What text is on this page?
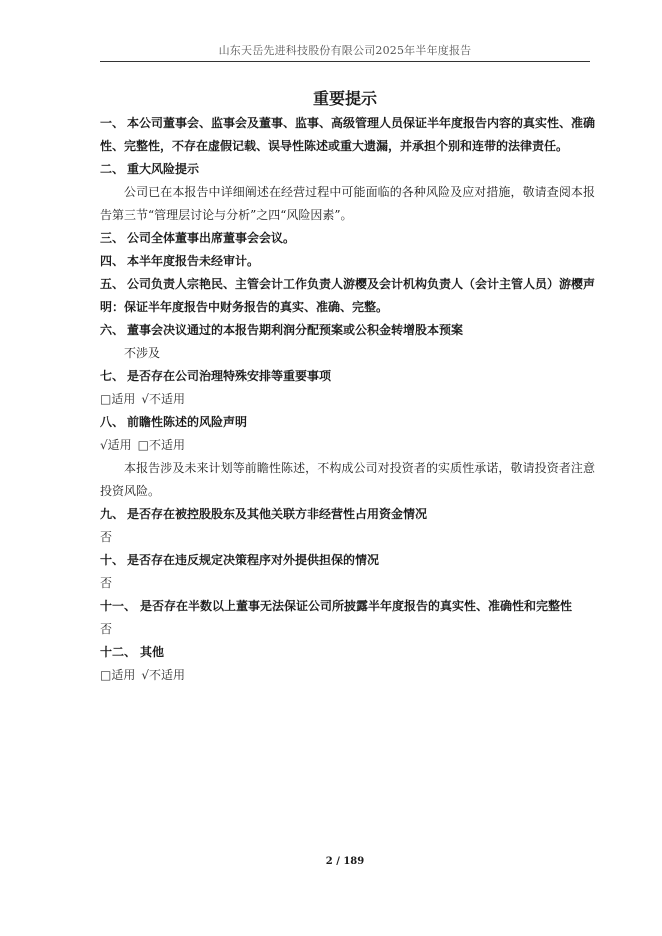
山东天岳先进科技股份有限公司2025年半年度报告
重要提示
一、 本公司董事会、监事会及董事、监事、高级管理人员保证半年度报告内容的真实性、准确性、完整性，不存在虚假记载、误导性陈述或重大遗漏，并承担个别和连带的法律责任。
二、 重大风险提示
公司已在本报告中详细阐述在经营过程中可能面临的各种风险及应对措施，敬请查阅本报告第三节“管理层讨论与分析”之四“风险因素”。
三、 公司全体董事出席董事会会议。
四、 本半年度报告未经审计。
五、 公司负责人宗艳民、主管会计工作负责人游樱及会计机构负责人（会计主管人员）游樱声明：保证半年度报告中财务报告的真实、准确、完整。
六、 董事会决议通过的本报告期利润分配预案或公积金转增股本预案
不涉及
七、 是否存在公司治理特殊安排等重要事项
□适用 √不适用
八、 前瞻性陈述的风险声明
√适用 □不适用
本报告涉及未来计划等前瞻性陈述，不构成公司对投资者的实质性承诺，敬请投资者注意投资风险。
九、 是否存在被控股股东及其他关联方非经营性占用资金情况
否
十、 是否存在违反规定决策程序对外提供担保的情况
否
十一、 是否存在半数以上董事无法保证公司所披露半年度报告的真实性、准确性和完整性
否
十二、 其他
□适用 √不适用
2 / 189
